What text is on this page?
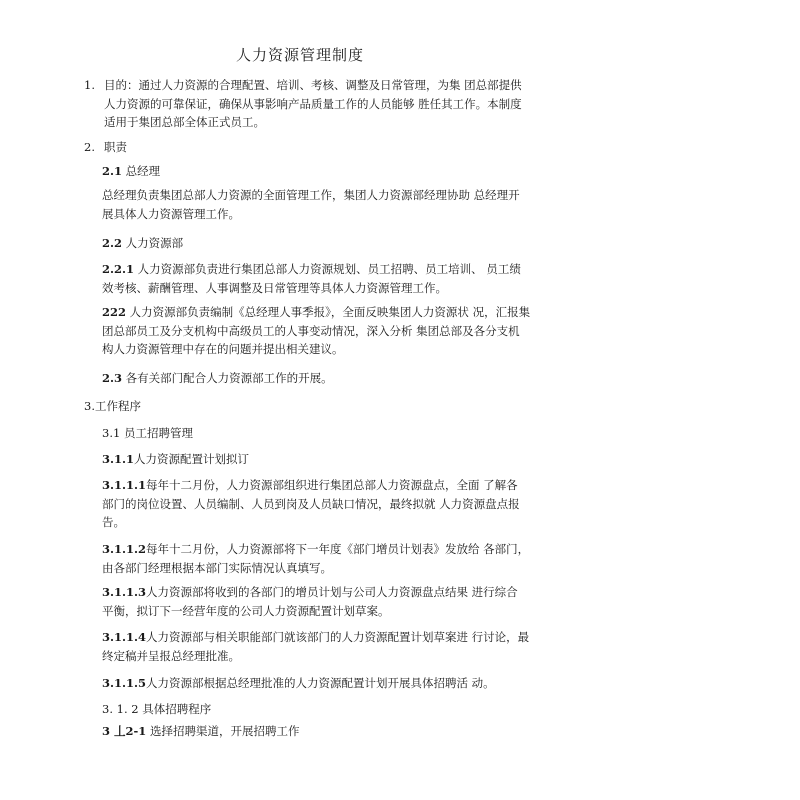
人力资源管理制度
1. 目的：通过人力资源的合理配置、培训、考核、调整及日常管理，为集 团总部提供
人力资源的可靠保证，确保从事影响产品质量工作的人员能够 胜任其工作。本制度
适用于集团总部全体正式员工。
2. 职责
2.1 总经理
总经理负责集团总部人力资源的全面管理工作，集团人力资源部经理协助 总经理开
展具体人力资源管理工作。
2.2 人力资源部
2.2.1 人力资源部负责进行集团总部人力资源规划、员工招聘、员工培训、 员工绩
效考核、薪酬管理、人事调整及日常管理等具体人力资源管理工作。
222 人力资源部负责编制《总经理人事季报》，全面反映集团人力资源状 况，汇报集
团总部员工及分支机构中高级员工的人事变动情况，深入分析 集团总部及各分支机
构人力资源管理中存在的问题并提出相关建议。
2.3 各有关部门配合人力资源部工作的开展。
3.工作程序
3.1 员工招聘管理
3.1.1人力资源配置计划拟订
3.1.1.1每年十二月份，人力资源部组织进行集团总部人力资源盘点，全面 了解各
部门的岗位设置、人员编制、人员到岗及人员缺口情况，最终拟就 人力资源盘点报
告。
3.1.1.2每年十二月份，人力资源部将下一年度《部门增员计划表》发放给 各部门，
由各部门经理根据本部门实际情况认真填写。
3.1.1.3人力资源部将收到的各部门的增员计划与公司人力资源盘点结果 进行综合
平衡，拟订下一经营年度的公司人力资源配置计划草案。
3.1.1.4人力资源部与相关职能部门就该部门的人力资源配置计划草案进 行讨论，最
终定稿并呈报总经理批准。
3.1.1.5人力资源部根据总经理批准的人力资源配置计划开展具体招聘活 动。
3. 1. 2 具体招聘程序
3 丄2-1 选择招聘渠道，开展招聘工作
